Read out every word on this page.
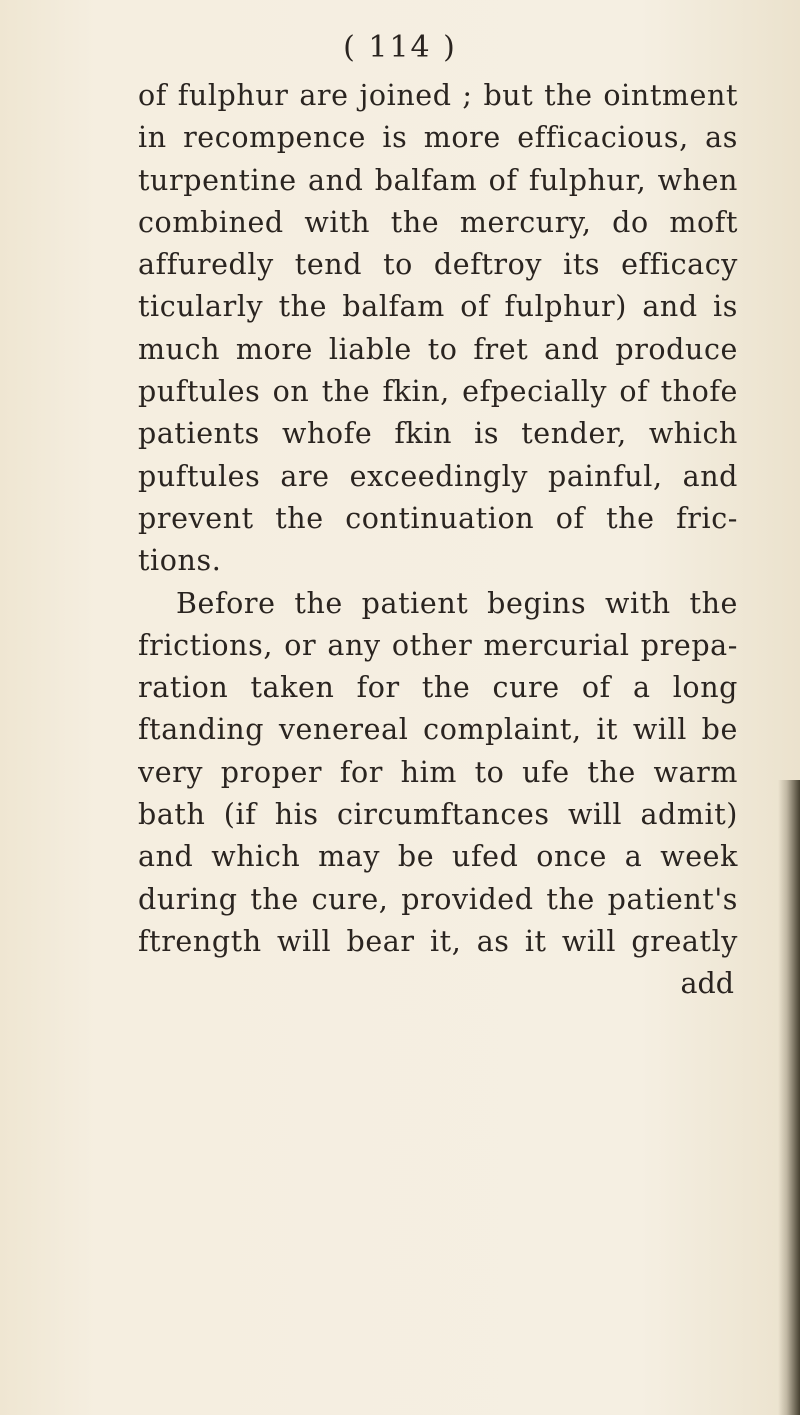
( 114 )
of fulphur are joined ; but the ointment
in recompence is more efficacious, as
turpentine and balfam of fulphur, when
combined with the mercury, do moft
affuredly tend to deftroy its efficacy
ticularly the balfam of fulphur) and is
much more liable to fret and produce
puftules on the fkin, efpecially of thofe
patients whofe fkin is tender, which
puftules are exceedingly painful, and
prevent the continuation of the fric-
tions.
Before the patient begins with the
frictions, or any other mercurial prepa-
ration taken for the cure of a long
ftanding venereal complaint, it will be
very proper for him to ufe the warm
bath (if his circumftances will admit)
and which may be ufed once a week
during the cure, provided the patient's
ftrength will bear it, as it will greatly
add
